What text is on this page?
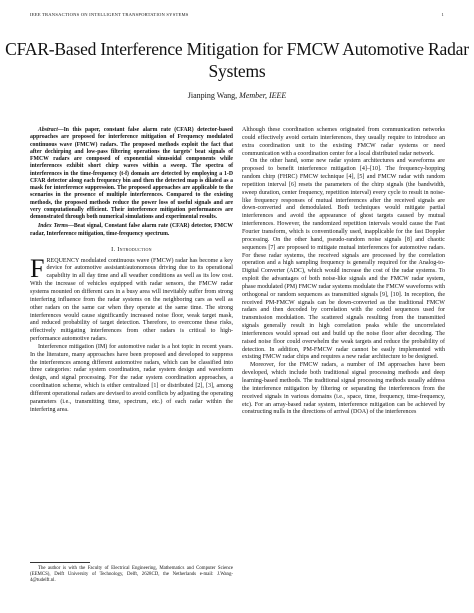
IEEE TRANSACTIONS ON INTELLIGENT TRANSPORTATION SYSTEMS	1
CFAR-Based Interference Mitigation for FMCW Automotive Radar Systems
Jianping Wang, Member, IEEE

Abstract—In this paper, constant false alarm rate (CFAR) detector-based approaches are proposed for interference mitigation of Frequency modulated continuous wave (FMCW) radars. The proposed methods exploit the fact that after dechirping and low-pass filtering operations the targets' beat signals of FMCW radars are composed of exponential sinusoidal components while interferences exhibit short chirp waves within a sweep. The spectra of interferences in the time-frequency (t-f) domain are detected by employing a 1-D CFAR detector along each frequency bin and then the detected map is dilated as a mask for interference suppression. The proposed approaches are applicable to the scenarios in the presence of multiple interferences. Compared to the existing methods, the proposed methods reduce the power loss of useful signals and are very computationally efficient. Their interference mitigation performances are demonstrated through both numerical simulations and experimental results.

Index Terms—Beat signal, Constant false alarm rate (CFAR) detector, FMCW radar, Interference mitigation, time-frequency spectrum.

I. Introduction

FREQUENCY modulated continuous wave (FMCW) radar has become a key device for automotive assistant/autonomous driving due to its operational capability in all day time and all weather conditions as well as its low cost. With the increase of vehicles equipped with radar sensors, the FMCW radar systems mounted on different cars in a busy area will inevitably suffer from strong interfering influence from the radar systems on the neighboring cars as well as other radars on the same car when they operate at the same time. The strong interferences would cause significantly increased noise floor, weak target mask, and reduced probability of target detection. Therefore, to overcome these risks, effectively mitigating interferences from other radars is critical to high-performance automotive radars.

Interference mitigation (IM) for automotive radar is a hot topic in recent years. In the literature, many approaches have been proposed and developed to suppress the interferences among different automotive radars, which can be classified into three categories: radar system coordination, radar system design and waveform design, and signal processing. For the radar system coordination approaches, a coordination scheme, which is either centralized [1] or distributed [2], [3], among different operational radars are devised to avoid conflicts by adjusting the operating parameters (i.e., transmitting time, spectrum, etc.) of each radar within the interfering area.

Although these coordination schemes originated from communication networks could effectively avoid certain interferences, they usually require to introduce an extra coordination unit to the existing FMCW radar systems or need communication with a coordination center for a local distributed radar network.

On the other hand, some new radar system architectures and waveforms are proposed to benefit interference mitigation [4]–[10]. The frequency-hopping random chirp (FHRC) FMCW technique [4], [5] and FMCW radar with random repetition interval [6] resets the parameters of the chirp signals (the bandwidth, sweep duration, center frequency, repetition interval) every cycle to result in noise-like frequency responses of mutual interferences after the received signals are down-converted and demodulated. Both techniques would mitigate partial interferences and avoid the appearance of ghost targets caused by mutual interferences. However, the randomized repetition intervals would cause the Fast Fourier transform, which is conventionally used, inapplicable for the fast Doppler processing. On the other hand, pseudo-random noise signals [8] and chaotic sequences [7] are proposed to mitigate mutual interferences for automotive radars. For these radar systems, the received signals are processed by the correlation operation and a high sampling frequency is generally required for the Analog-to-Digital Converter (ADC), which would increase the cost of the radar systems. To exploit the advantages of both noise-like signals and the FMCW radar system, phase modulated (PM) FMCW radar systems modulate the FMCW waveforms with orthogonal or random sequences as transmitted signals [9], [10]. In reception, the received PM-FMCW signals can be down-converted as the traditional FMCW radars and then decoded by correlation with the coded sequences used for transmission modulation. The scattered signals resulting from the transmitted signals generally result in high correlation peaks while the uncorrelated interferences would spread out and build up the noise floor after decoding. The raised noise floor could overwhelm the weak targets and reduce the probability of detection. In addition, PM-FMCW radar cannot be easily implemented with existing FMCW radar chips and requires a new radar architecture to be designed.

Moreover, for the FMCW radars, a number of IM approaches have been developed, which include both traditional signal processing methods and deep learning-based methods. The traditional signal processing methods usually address the interference mitigation by filtering or separating the interferences from the received signals in various domains (i.e., space, time, frequency, time-frequency, etc). For an array-based radar system, interference mitigation can be achieved by constructing nulls in the directions of arrival (DOA) of the interferences

The author is with the Faculty of Electrical Engineering, Mathematics and Computer Science (EEMCS), Delft University of Technology, Delft, 2628CD, the Netherlands e-mail: J.Wang-4@tudelft.nl.
